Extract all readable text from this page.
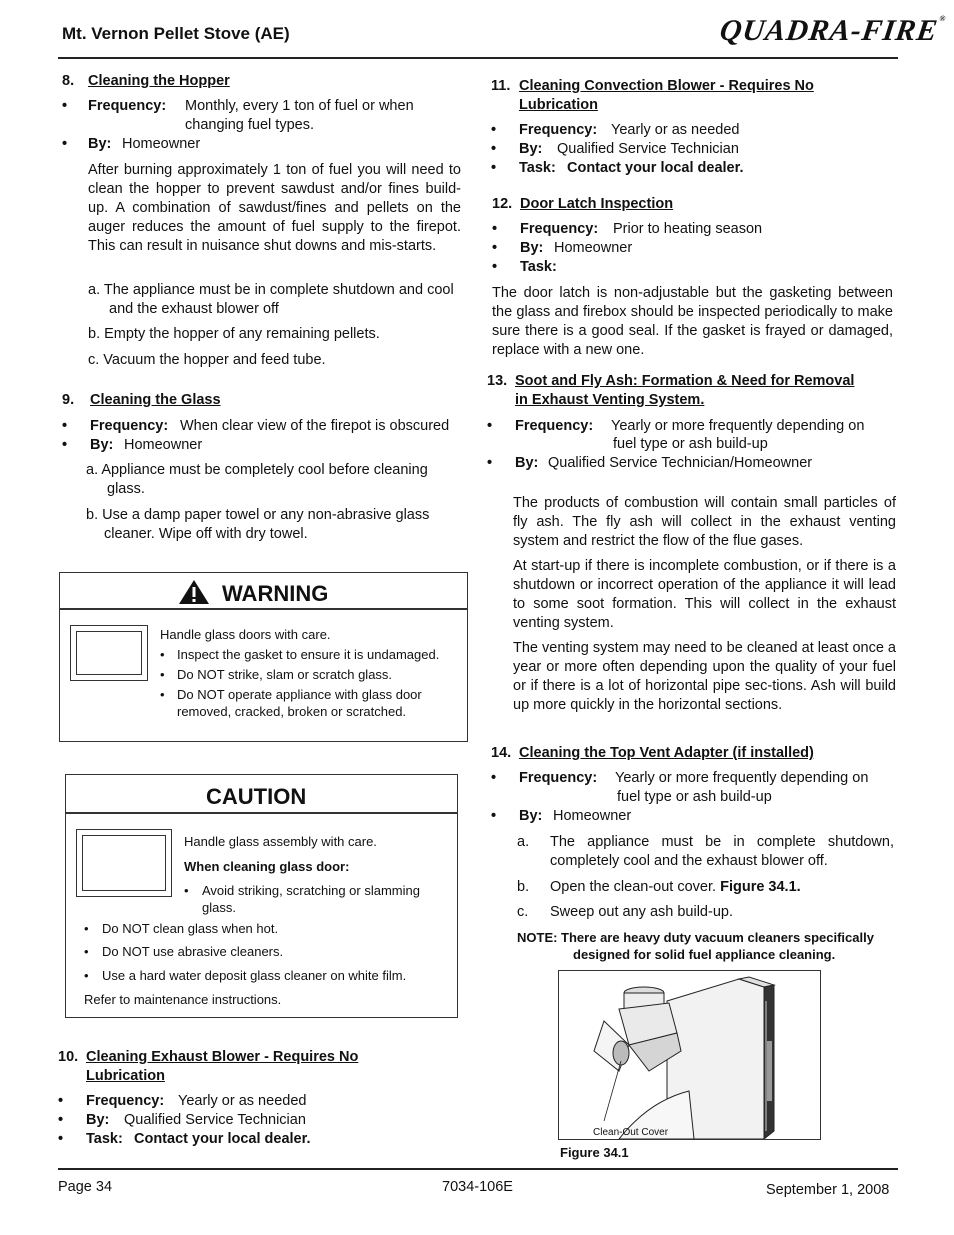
Mt. Vernon Pellet Stove (AE)	QUADRA-FIRE®
8. Cleaning the Hopper
• Frequency: Monthly, every 1 ton of fuel or when
changing fuel types.
• By: Homeowner
After burning approximately 1 ton of fuel you will need to clean the hopper to prevent sawdust and/or fines build-up. A combination of sawdust/fines and pellets on the auger reduces the amount of fuel supply to the firepot. This can result in nuisance shut downs and mis-starts.
a. The appliance must be in complete shutdown and cool and the exhaust blower off
b. Empty the hopper of any remaining pellets.
c. Vacuum the hopper and feed tube.
9. Cleaning the Glass
• Frequency: When clear view of the firepot is obscured
• By: Homeowner
a. Appliance must be completely cool before cleaning glass.
b. Use a damp paper towel or any non-abrasive glass cleaner. Wipe off with dry towel.
WARNING
Handle glass doors with care.
• Inspect the gasket to ensure it is undamaged.
• Do NOT strike, slam or scratch glass.
• Do NOT operate appliance with glass door removed, cracked, broken or scratched.
CAUTION
Handle glass assembly with care.
When cleaning glass door:
•	Avoid striking, scratching or slamming glass.
•	Do NOT clean glass when hot.
•	Do NOT use abrasive cleaners.
•	Use a hard water deposit glass cleaner on white film.
Refer to maintenance instructions.
10. Cleaning Exhaust Blower - Requires No
Lubrication
• Frequency: Yearly or as needed
• By: Qualified Service Technician
• Task: Contact your local dealer.
11. Cleaning Convection Blower - Requires No
Lubrication
• Frequency: Yearly or as needed
• By: Qualified Service Technician
• Task: Contact your local dealer.
12. Door Latch Inspection
• Frequency: Prior to heating season
• By: Homeowner
• Task:
The door latch is non-adjustable but the gasketing between the glass and firebox should be inspected periodically to make sure there is a good seal. If the gasket is frayed or damaged, replace with a new one.
13. Soot and Fly Ash: Formation & Need for Removal
in Exhaust Venting System.
• Frequency: Yearly or more frequently depending on
fuel type or ash build-up
• By: Qualified Service Technician/Homeowner
The products of combustion will contain small particles of fly ash. The fly ash will collect in the exhaust venting system and restrict the flow of the flue gases.
At start-up if there is incomplete combustion, or if there is a shutdown or incorrect operation of the appliance it will lead to some soot formation. This will collect in the exhaust venting system.
The venting system may need to be cleaned at least once a year or more often depending upon the quality of your fuel or if there is a lot of horizontal pipe sec-tions. Ash will build up more quickly in the horizontal sections.
14. Cleaning the Top Vent Adapter (if installed)
• Frequency: Yearly or more frequently depending on
fuel type or ash build-up
• By: Homeowner
a. The appliance must be in complete shutdown, completely cool and the exhaust blower off.
b. Open the clean-out cover. Figure 34.1.
c. Sweep out any ash build-up.
NOTE: There are heavy duty vacuum cleaners specifically
designed for solid fuel appliance cleaning.
Clean-Out Cover
Figure 34.1
Page 34	7034-106E	September 1, 2008
